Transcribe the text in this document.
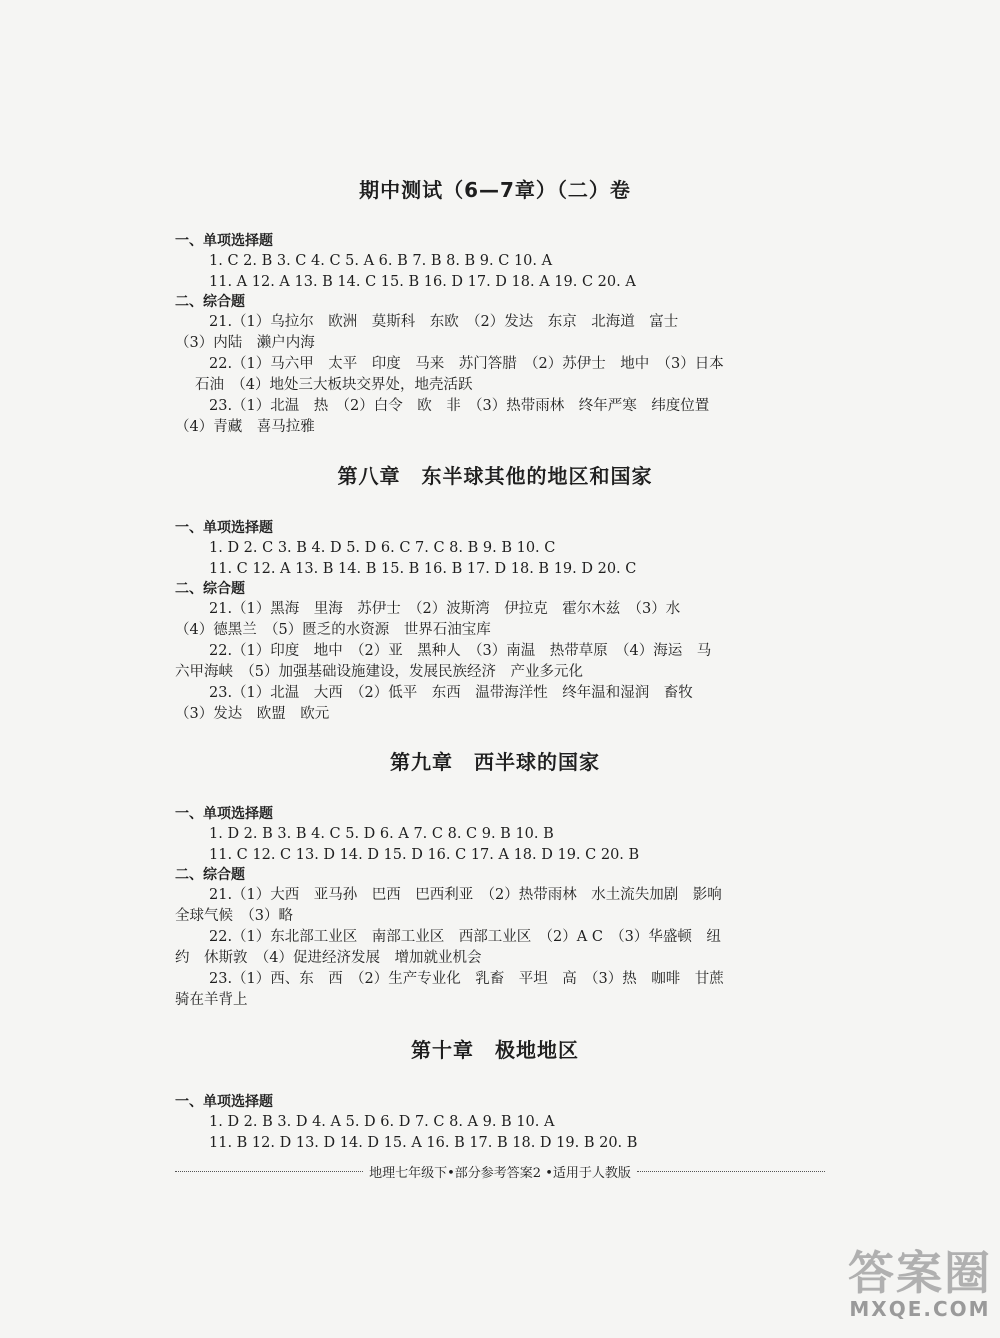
期中测试（6—7章）（二）卷

一、单项选择题

1. C 2. B 3. C 4. C 5. A 6. B 7. B 8. B 9. C 10. A

11. A 12. A 13. B 14. C 15. B 16. D 17. D 18. A 19. C 20. A

二、综合题

21.（1）乌拉尔　欧洲　莫斯科　东欧　（2）发达　东京　北海道　富士

（3）内陆　濑户内海

22.（1）马六甲　太平　印度　马来　苏门答腊　（2）苏伊士　地中　（3）日本

石油　（4）地处三大板块交界处，地壳活跃

23.（1）北温　热　（2）白令　欧　非　（3）热带雨林　终年严寒　纬度位置

（4）青藏　喜马拉雅

第八章　东半球其他的地区和国家

一、单项选择题

1. D 2. C 3. B 4. D 5. D 6. C 7. C 8. B 9. B 10. C

11. C 12. A 13. B 14. B 15. B 16. B 17. D 18. B 19. D 20. C

二、综合题

21.（1）黑海　里海　苏伊士　（2）波斯湾　伊拉克　霍尔木兹　（3）水

（4）德黑兰　（5）匮乏的水资源　世界石油宝库

22.（1）印度　地中　（2）亚　黑种人　（3）南温　热带草原　（4）海运　马

六甲海峡　（5）加强基础设施建设，发展民族经济　产业多元化

23.（1）北温　大西　（2）低平　东西　温带海洋性　终年温和湿润　畜牧

（3）发达　欧盟　欧元

第九章　西半球的国家

一、单项选择题

1. D 2. B 3. B 4. C 5. D 6. A 7. C 8. C 9. B 10. B

11. C 12. C 13. D 14. D 15. D 16. C 17. A 18. D 19. C 20. B

二、综合题

21.（1）大西　亚马孙　巴西　巴西利亚　（2）热带雨林　水土流失加剧　影响

全球气候　（3）略

22.（1）东北部工业区　南部工业区　西部工业区　（2）A C　（3）华盛顿　纽

约　休斯敦　（4）促进经济发展　增加就业机会

23.（1）西、东　西　（2）生产专业化　乳畜　平坦　高　（3）热　咖啡　甘蔗

骑在羊背上

第十章　极地地区

一、单项选择题

1. D 2. B 3. D 4. A 5. D 6. D 7. C 8. A 9. B 10. A

11. B 12. D 13. D 14. D 15. A 16. B 17. B 18. D 19. B 20. B

地理七年级下•部分参考答案2 •适用于人教版
答案圈
MXQE.COM
